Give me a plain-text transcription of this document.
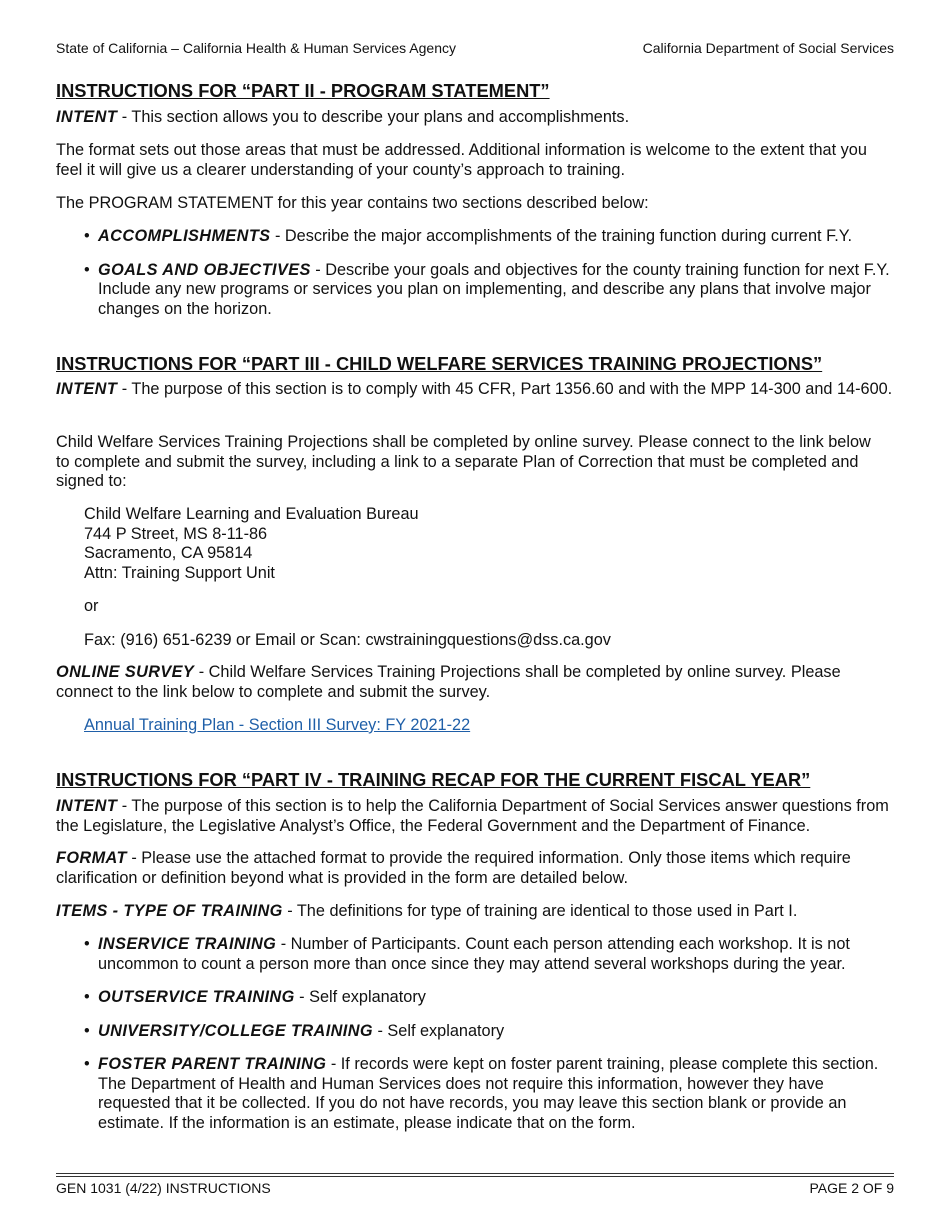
State of California – California Health & Human Services Agency	California Department of Social Services
INSTRUCTIONS FOR “PART II - PROGRAM STATEMENT”

INTENT - This section allows you to describe your plans and accomplishments.

The format sets out those areas that must be addressed. Additional information is welcome to the extent that you feel it will give us a clearer understanding of your county’s approach to training.

The PROGRAM STATEMENT for this year contains two sections described below:

• ACCOMPLISHMENTS - Describe the major accomplishments of the training function during current F.Y.
• GOALS AND OBJECTIVES - Describe your goals and objectives for the county training function for next F.Y. Include any new programs or services you plan on implementing, and describe any plans that involve major changes on the horizon.
INSTRUCTIONS FOR “PART III - CHILD WELFARE SERVICES TRAINING PROJECTIONS”

INTENT - The purpose of this section is to comply with 45 CFR, Part 1356.60 and with the MPP 14-300 and 14-600.

Child Welfare Services Training Projections shall be completed by online survey. Please connect to the link below to complete and submit the survey, including a link to a separate Plan of Correction that must be completed and signed to:

Child Welfare Learning and Evaluation Bureau
744 P Street, MS 8-11-86
Sacramento, CA 95814
Attn: Training Support Unit

or

Fax: (916) 651-6239 or Email or Scan: cwstrainingquestions@dss.ca.gov

ONLINE SURVEY - Child Welfare Services Training Projections shall be completed by online survey. Please connect to the link below to complete and submit the survey.

Annual Training Plan - Section III Survey: FY 2021-22

INSTRUCTIONS FOR “PART IV - TRAINING RECAP FOR THE CURRENT FISCAL YEAR”

INTENT - The purpose of this section is to help the California Department of Social Services answer questions from the Legislature, the Legislative Analyst’s Office, the Federal Government and the Department of Finance.

FORMAT - Please use the attached format to provide the required information. Only those items which require clarification or definition beyond what is provided in the form are detailed below.

ITEMS - TYPE OF TRAINING - The definitions for type of training are identical to those used in Part I.

• INSERVICE TRAINING - Number of Participants. Count each person attending each workshop. It is not uncommon to count a person more than once since they may attend several workshops during the year.
• OUTSERVICE TRAINING - Self explanatory
• UNIVERSITY/COLLEGE TRAINING - Self explanatory
• FOSTER PARENT TRAINING - If records were kept on foster parent training, please complete this section. The Department of Health and Human Services does not require this information, however they have requested that it be collected. If you do not have records, you may leave this section blank or provide an estimate. If the information is an estimate, please indicate that on the form.
GEN 1031 (4/22) INSTRUCTIONS	PAGE 2 OF 9
